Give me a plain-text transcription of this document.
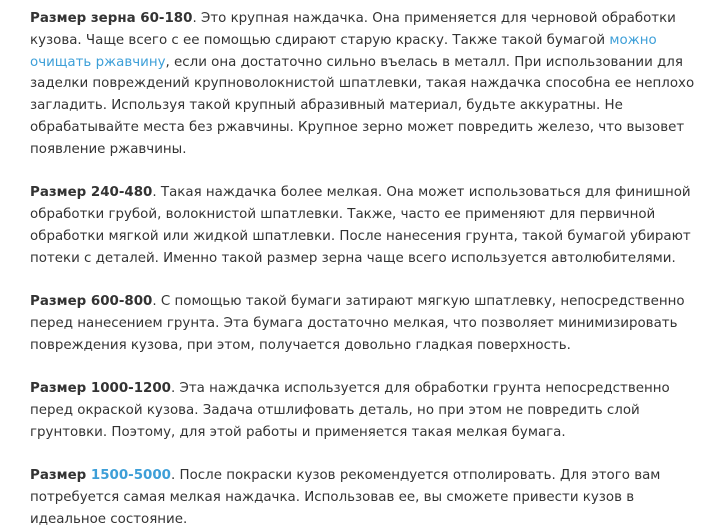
Размер зерна 60-180. Это крупная наждачка. Она применяется для черновой обработки кузова. Чаще всего с ее помощью сдирают старую краску. Также такой бумагой можно очищать ржавчину, если она достаточно сильно въелась в металл. При использовании для заделки повреждений крупноволокнистой шпатлевки, такая наждачка способна ее неплохо загладить. Используя такой крупный абразивный материал, будьте аккуратны. Не обрабатывайте места без ржавчины. Крупное зерно может повредить железо, что вызовет появление ржавчины.

Размер 240-480. Такая наждачка более мелкая. Она может использоваться для финишной обработки грубой, волокнистой шпатлевки. Также, часто ее применяют для первичной обработки мягкой или жидкой шпатлевки. После нанесения грунта, такой бумагой убирают потеки с деталей. Именно такой размер зерна чаще всего используется автолюбителями.

Размер 600-800. С помощью такой бумаги затирают мягкую шпатлевку, непосредственно перед нанесением грунта. Эта бумага достаточно мелкая, что позволяет минимизировать повреждения кузова, при этом, получается довольно гладкая поверхность.

Размер 1000-1200. Эта наждачка используется для обработки грунта непосредственно перед окраской кузова. Задача отшлифовать деталь, но при этом не повредить слой грунтовки. Поэтому, для этой работы и применяется такая мелкая бумага.

Размер 1500-5000. После покраски кузов рекомендуется отполировать. Для этого вам потребуется самая мелкая наждачка. Использовав ее, вы сможете привести кузов в идеальное состояние.
